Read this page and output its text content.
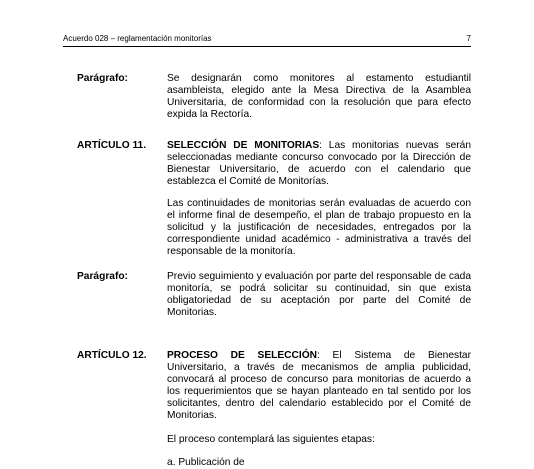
Acuerdo 028 – reglamentación monitorías	7
Parágrafo:	Se designarán como monitores al estamento estudiantil asambleista, elegido ante la Mesa Directiva de la Asamblea Universitaria, de conformidad con la resolución que para efecto expida la Rectoría.

ARTÍCULO 11. SELECCIÓN DE MONITORIAS: Las monitorias nuevas serán seleccionadas mediante concurso convocado por la Dirección de Bienestar Universitario, de acuerdo con el calendario que establezca el Comité de Monitorías.

Las continuidades de monitorias serán evaluadas de acuerdo con el informe final de desempeño, el plan de trabajo propuesto en la solicitud y la justificación de necesidades, entregados por la correspondiente unidad académico - administrativa a través del responsable de la monitoría.

Parágrafo:	Previo seguimiento y evaluación por parte del responsable de cada monitoría, se podrá solicitar su continuidad, sin que exista obligatoriedad de su aceptación por parte del Comité de Monitorias.

ARTÍCULO 12. PROCESO DE SELECCIÓN: El Sistema de Bienestar Universitario, a través de mecanismos de amplia publicidad, convocará al proceso de concurso para monitorias de acuerdo a los requerimientos que se hayan planteado en tal sentido por los solicitantes, dentro del calendario establecido por el Comité de Monitorias.

El proceso contemplará las siguientes etapas:

a. Publicación de
